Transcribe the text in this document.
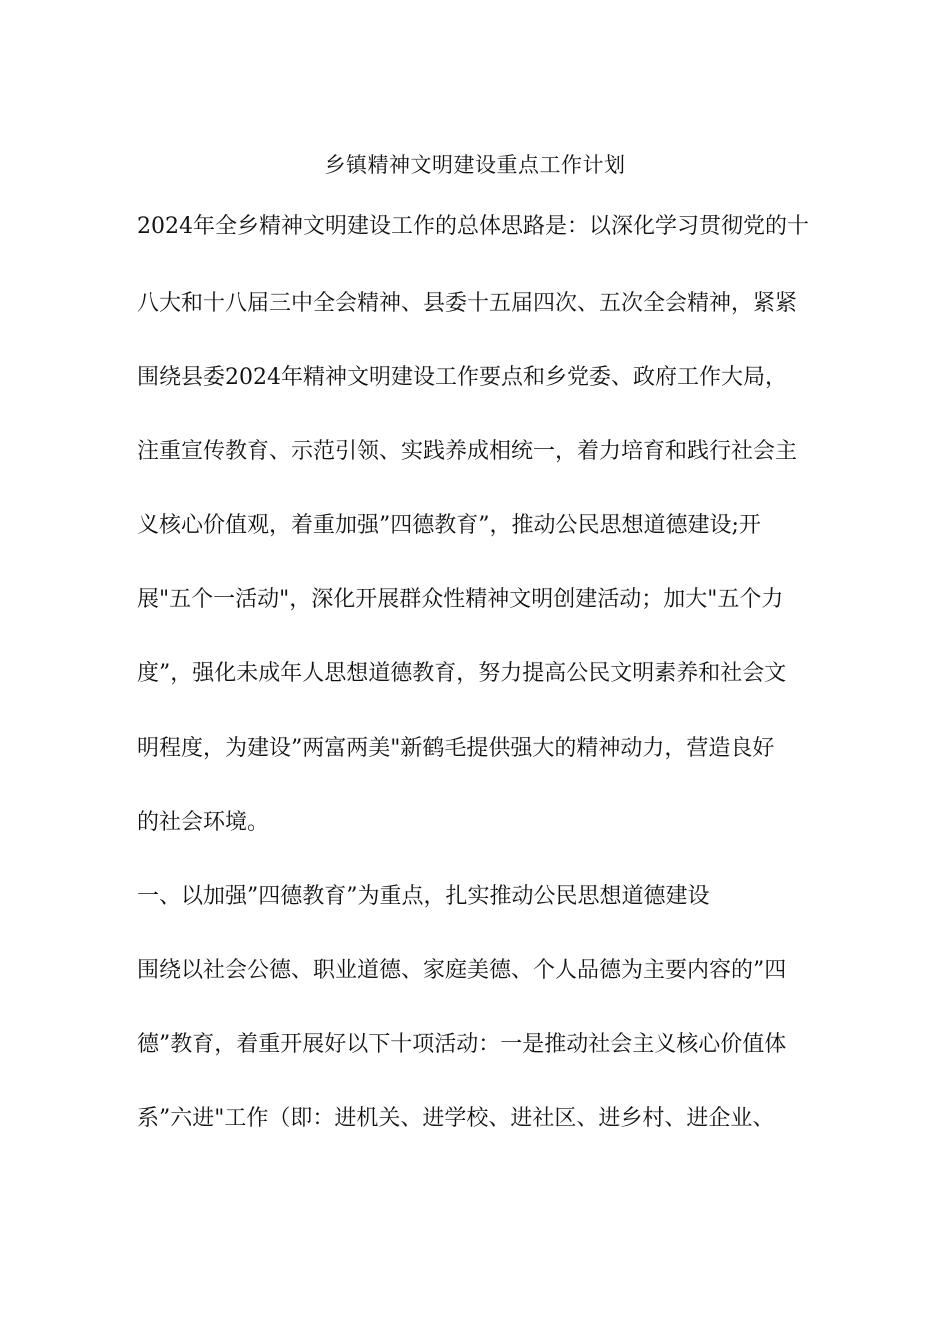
乡镇精神文明建设重点工作计划
2024年全乡精神文明建设工作的总体思路是：以深化学习贯彻党的十
八大和十八届三中全会精神、县委十五届四次、五次全会精神，紧紧
围绕县委2024年精神文明建设工作要点和乡党委、政府工作大局，
注重宣传教育、示范引领、实践养成相统一，着力培育和践行社会主
义核心价值观，着重加强”四德教育”，推动公民思想道德建设;开
展"五个一活动"，深化开展群众性精神文明创建活动；加大"五个力
度”，强化未成年人思想道德教育，努力提高公民文明素养和社会文
明程度，为建设”两富两美"新鹤毛提供强大的精神动力，营造良好
的社会环境。
一、以加强”四德教育”为重点，扎实推动公民思想道德建设
围绕以社会公德、职业道德、家庭美德、个人品德为主要内容的”四
德”教育，着重开展好以下十项活动：一是推动社会主义核心价值体
系”六进"工作（即：进机关、进学校、进社区、进乡村、进企业、
